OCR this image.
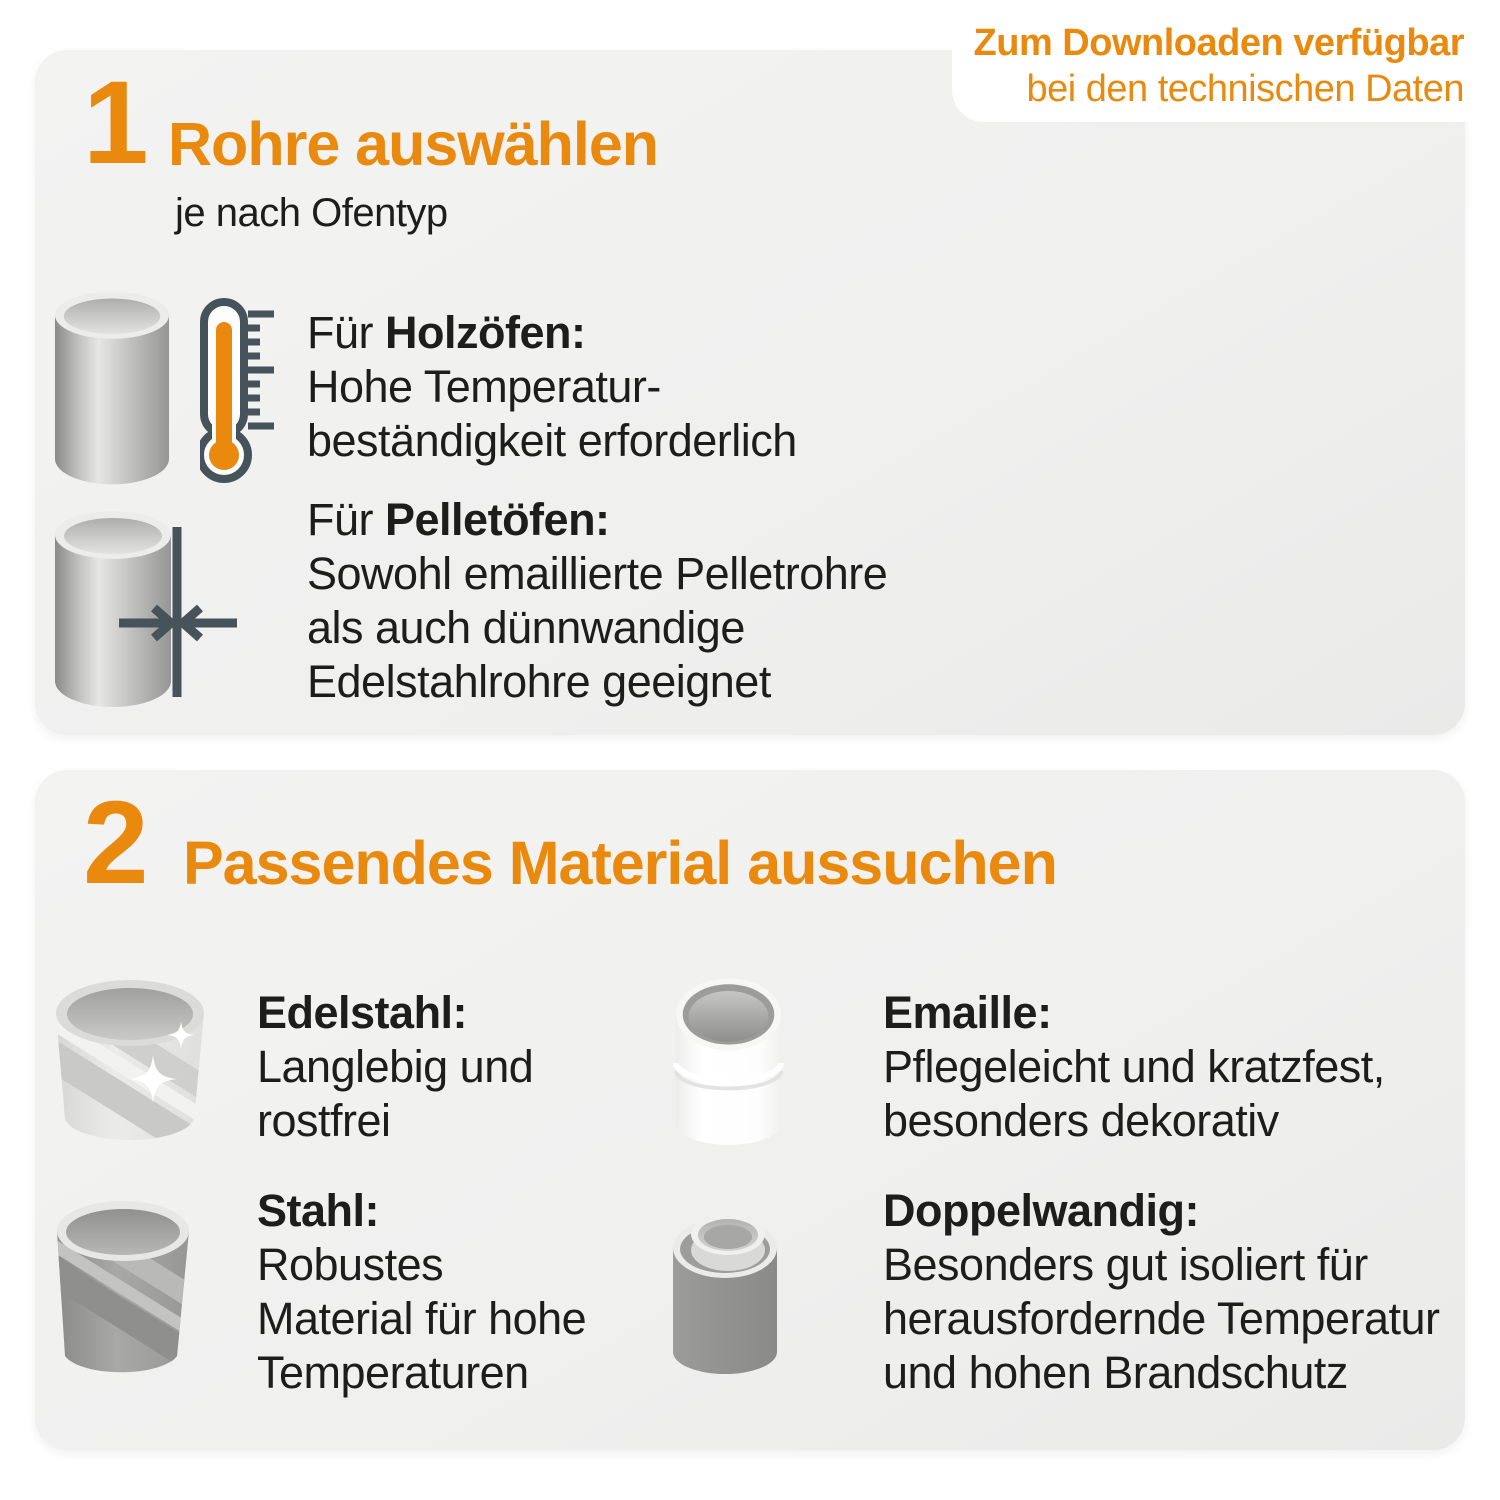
1 Rohre auswählen
je nach Ofentyp
Für Holzöfen:
Hohe Temperatur-
beständigkeit erforderlich
Für Pelletöfen:
Sowohl emaillierte Pelletrohre
als auch dünnwandige
Edelstahlrohre geeignet
2 Passendes Material aussuchen
Edelstahl:
Langlebig und
rostfrei
Emaille:
Pflegeleicht und kratzfest,
besonders dekorativ
Stahl:
Robustes
Material für hohe
Temperaturen
Doppelwandig:
Besonders gut isoliert für
herausfordernde Temperatur
und hohen Brandschutz
Zum Downloaden verfügbar
bei den technischen Daten
